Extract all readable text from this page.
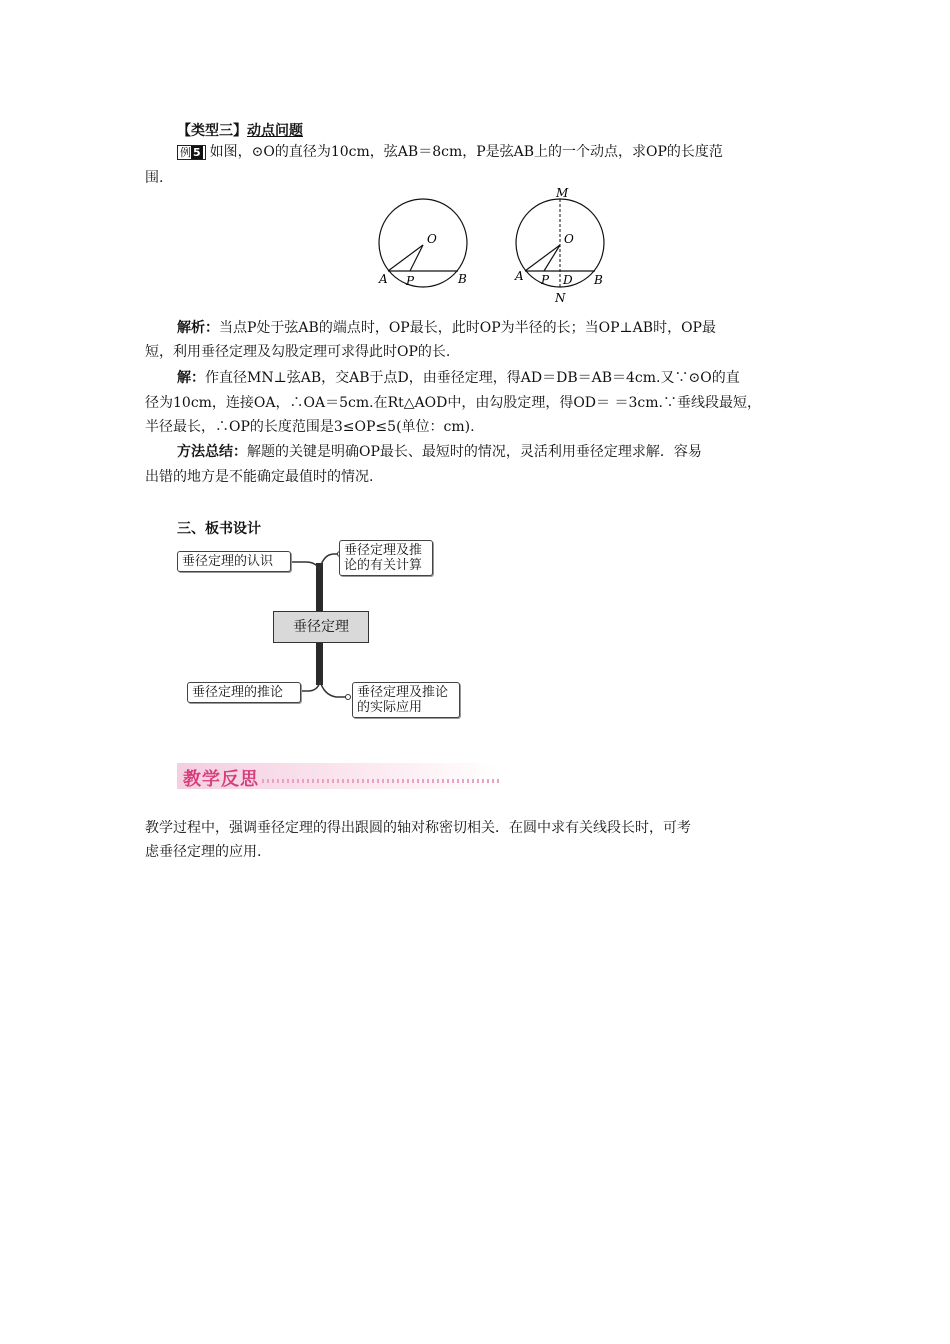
【类型三】动点问题
例 5 如图，⊙O的直径为10cm，弦AB＝8cm，P是弦AB上的一个动点，求OP的长度范
围.
O
A P	B
M
O
A P D B
N
解析：当点P处于弦AB的端点时，OP最长，此时OP为半径的长；当OP⊥AB时，OP最
短，利用垂径定理及勾股定理可求得此时OP的长.
解：作直径MN⊥弦AB，交AB于点D，由垂径定理，得AD＝DB＝AB＝4cm.又∵⊙O的直
径为10cm，连接OA，∴OA＝5cm.在Rt△AOD中，由勾股定理，得OD＝ ＝3cm.∵垂线段最短，
半径最长，∴OP的长度范围是3≤OP≤5(单位：cm).
方法总结：解题的关键是明确OP最长、最短时的情况，灵活利用垂径定理求解．容易
出错的地方是不能确定最值时的情况.
三、板书设计
垂径定理的认识
垂径定理及推
论的有关计算
垂径定理
垂径定理的推论	垂径定理及推论
的实际应用
教学反思
教学过程中，强调垂径定理的得出跟圆的轴对称密切相关．在圆中求有关线段长时，可考
虑垂径定理的应用.
